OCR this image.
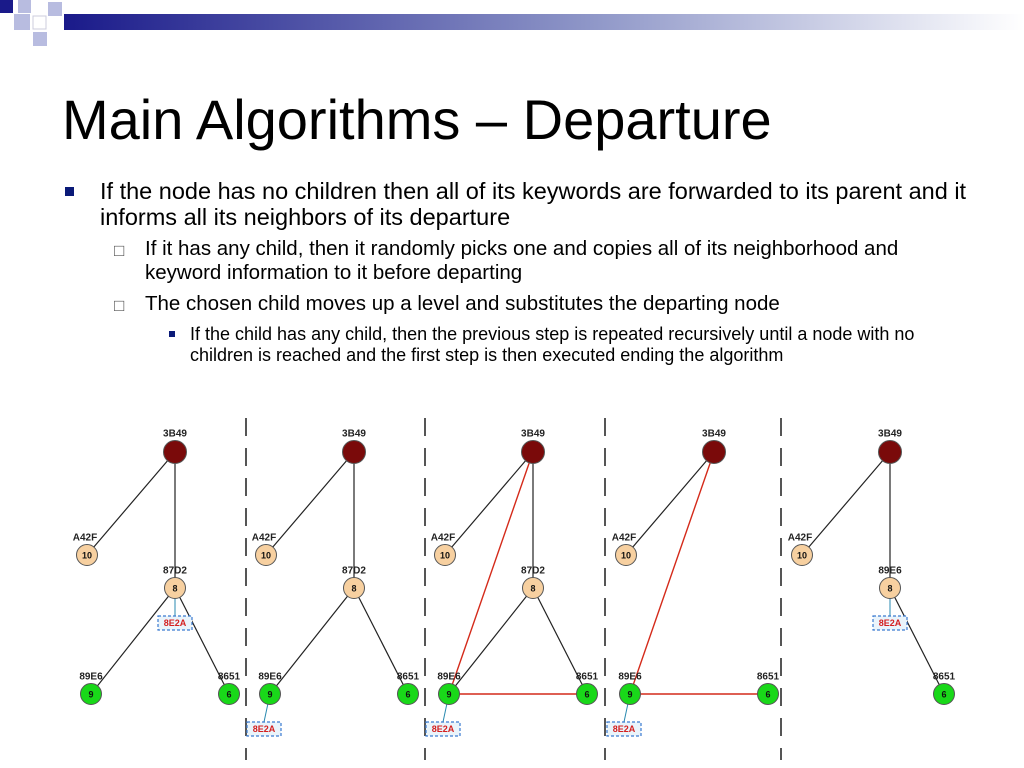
Main Algorithms – Departure
If the node has no children then all of its keywords are forwarded to its parent and it informs all its neighbors of its departure
□ If it has any child, then it randomly picks one and copies all of its neighborhood and keyword information to it before departing
□ The chosen child moves up a level and substitutes the departing node
If the child has any child, then the previous step is repeated recursively until a node with no children is reached and the first step is then executed ending the algorithm
8E2A
3B49
A42F
10
87D2
8
89E6
9
8651
6
8E2A
3B49
A42F
10
87D2
8
89E6
9
8651
6
8E2A
3B49
A42F
10
87D2
8
89E6
9
8651
6
8E2A
3B49
A42F
10
89E6
9
8651
6
8E2A
3B49
A42F
10
89E6
8
8651
6
